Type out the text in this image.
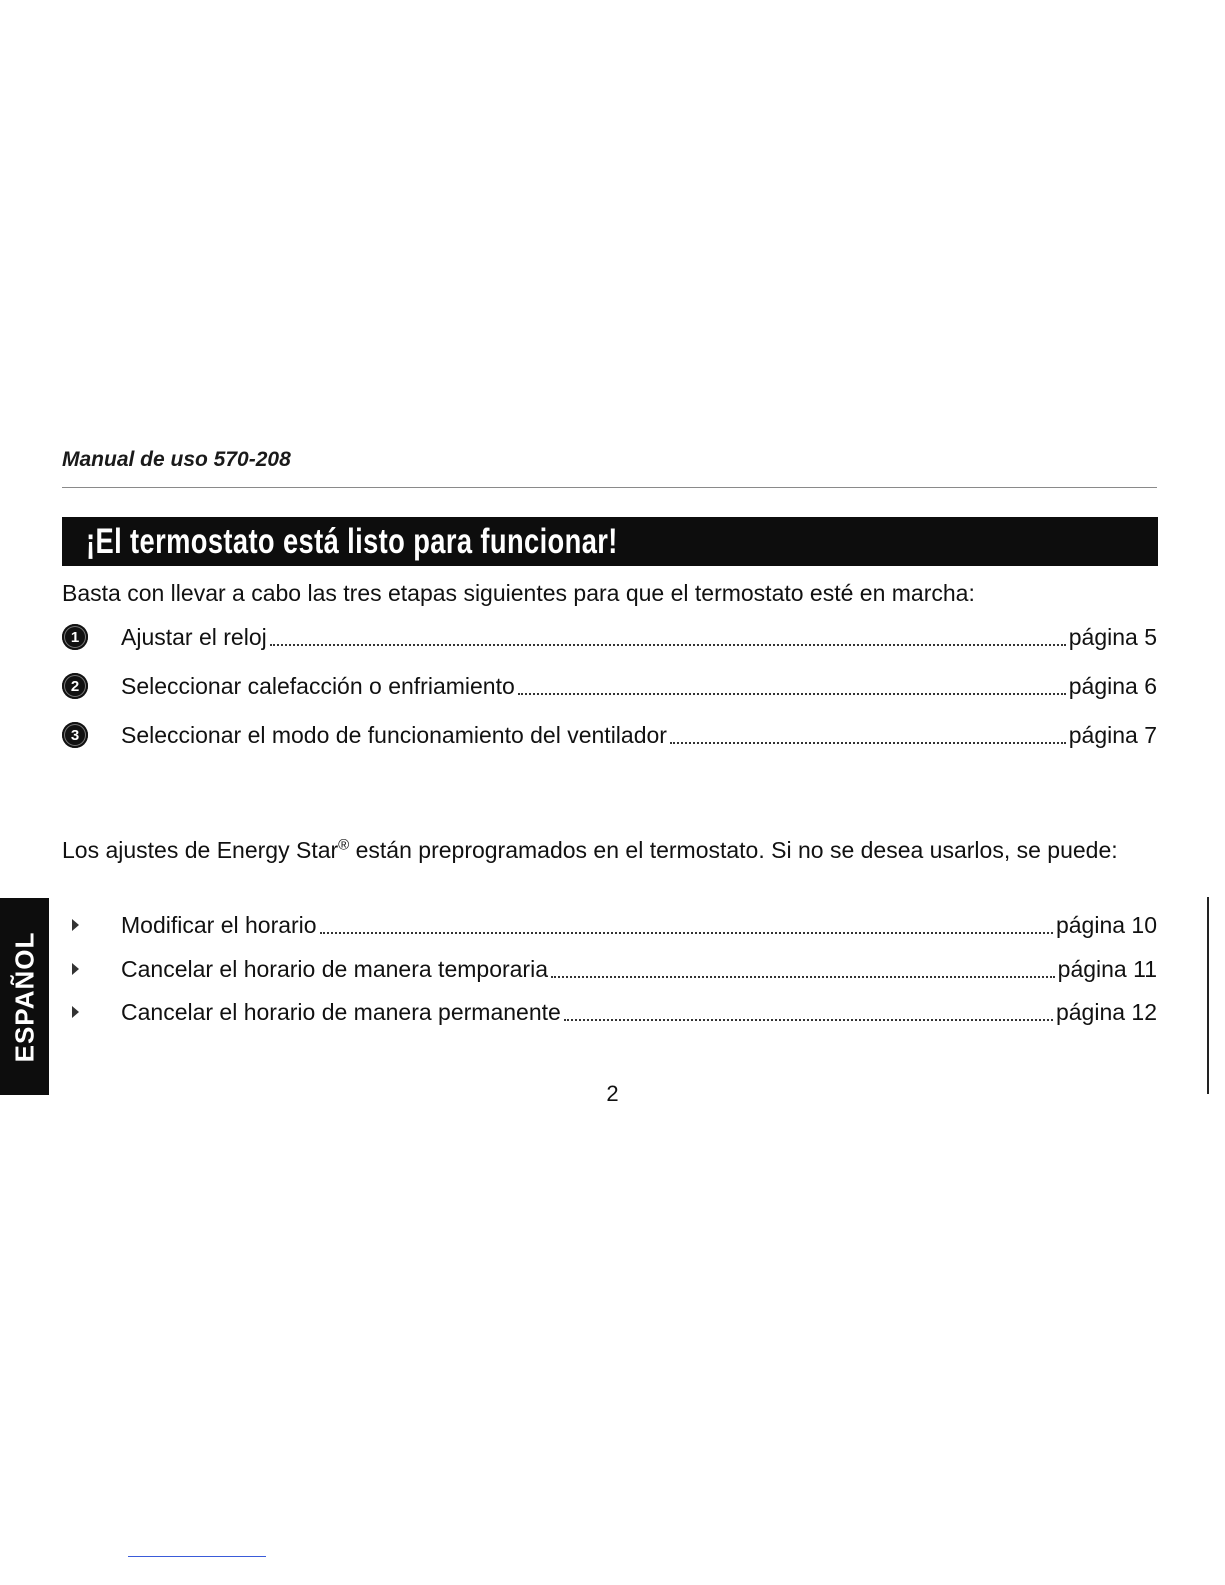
Manual de uso 570-208
¡El termostato está listo para funcionar!
Basta con llevar a cabo las tres etapas siguientes para que el termostato esté en marcha:
1	Ajustar el reloj	página 5
2	Seleccionar calefacción o enfriamiento	página 6
3	Seleccionar el modo de funcionamiento del ventilador	página 7
Los ajustes de Energy Star® están preprogramados en el termostato. Si no se desea usarlos, se puede:
Modificar el horario	página 10
Cancelar el horario de manera temporaria	página 11
Cancelar el horario de manera permanente	página 12
ESPAÑOL
2
